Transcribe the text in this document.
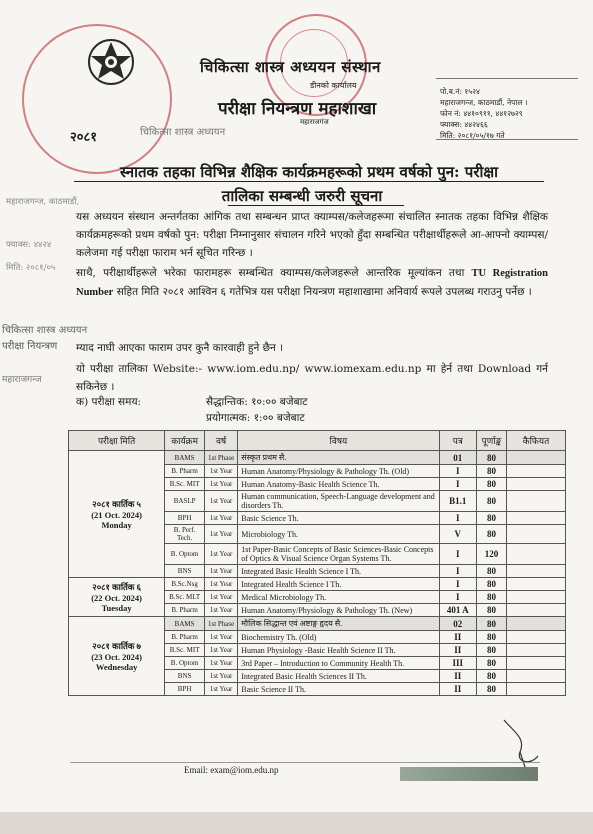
चिकित्सा शास्त्र अध्ययन संस्थान
डीनको कार्यालय
परीक्षा नियन्त्रण महाशाखा
महाराजगंज
पो.ब.नं: १५२४
महाराजगन्ज, काठमाडौं, नेपाल ।
फोन नं: ४४१०९११, ४४१२७२९
फ्याक्स: ४४२४६६
मिति: २०८१/०५/१७ गते
२०८१	चिकित्सा शास्त्र अध्ययन
महाराजगन्ज, काठमाडौं,
फ्याक्स: ४४२४
मिति: २०८१/०५
चिकित्सा शास्त्र अध्ययन
परीक्षा नियन्त्रण
महाराजगन्ज
स्नातक तहका विभिन्न शैक्षिक कार्यक्रमहरूको प्रथम वर्षको पुन: परीक्षा
तालिका सम्बन्धी जरुरी सूचना
यस अध्ययन संस्थान अन्तर्गतका आंगिक तथा सम्बन्धन प्राप्त क्याम्पस/कलेजहरूमा संचालित स्नातक तहका विभिन्न शैक्षिक कार्यक्रमहरूको प्रथम वर्षको पुन: परीक्षा निम्नानुसार संचालन गरिने भएको हुँदा सम्बन्धित परीक्षार्थीहरूले आ-आफ्नो क्याम्पस/कलेजमा गई परीक्षा फाराम भर्न सूचित गरिन्छ ।
साथै, परीक्षार्थीहरूले भरेका फारामहरू सम्बन्धित क्याम्पस/कलेजहरूले आन्तरिक मूल्यांकन तथा TU Registration Number सहित मिति २०८१ आश्विन ६ गतेभित्र यस परीक्षा नियन्त्रण महाशाखामा अनिवार्य रूपले उपलब्ध गराउनु पर्नेछ ।
म्याद नाघी आएका फाराम उपर कुनै कारवाही हुने छैन ।
यो परीक्षा तालिका Website:- www.iom.edu.np/ www.iomexam.edu.np मा हेर्न तथा Download गर्न सकिनेछ ।
क) परीक्षा समय:	सैद्धान्तिक: १०:०० बजेबाट
प्रयोगात्मक: १:०० बजेबाट
परीक्षा मिति	कार्यक्रम	वर्ष	विषय	पत्र	पूर्णाङ्क	कैफियत

२०८१ कार्तिक ५
(21 Oct. 2024)
Monday	BAMS	1st Phase	संस्कृत प्रथम सै.	01	80	
	B. Pharm	1st Year	Human Anatomy/Physiology & Pathology Th. (Old)	I	80	
	B.Sc. MIT	1st Year	Human Anatomy-Basic Health Science Th.	I	80	
	BASLP	1st Year	Human communication, Speech-Language development and disorders Th.	B1.1	80	
	BPH	1st Year	Basic Science Th.	I	80	
	B. Perf. Tech.	1st Year	Microbiology Th.	V	80	
	B. Optom	1st Year	1st Paper-Basic Concepts of Basic Sciences-Basic Concepts of Optics & Visual Science Organ Systems Th.	I	120	
	BNS	1st Year	Integrated Basic Health Science I Th.	I	80	

२०८१ कार्तिक ६
(22 Oct. 2024)
Tuesday	B.Sc.Nsg	1st Year	Integrated Health Science I Th.	I	80	
	B.Sc. MLT	1st Year	Medical Microbiology Th.	I	80	
	B. Pharm	1st Year	Human Anatomy/Physiology & Pathology Th. (New)	401 A	80	

२०८१ कार्तिक ७
(23 Oct. 2024) Wednesday	BAMS	1st Phase	मौलिक सिद्धान्त एवं अष्टाङ्ग हृदय सै.	02	80	
	B. Pharm	1st Year	Biochemistry Th. (Old)	II	80	
	B.Sc. MIT	1st Year	Human Physiology -Basic Health Science II Th.	II	80	
	B. Optom	1st Year	3rd Paper – Introduction to Community Health Th.	III	80	
	BNS	1st Year	Integrated Basic Health Sciences II Th.	II	80	
	BPH	1st Year	Basic Science II Th.	II	80	
Email: exam@iom.edu.np
